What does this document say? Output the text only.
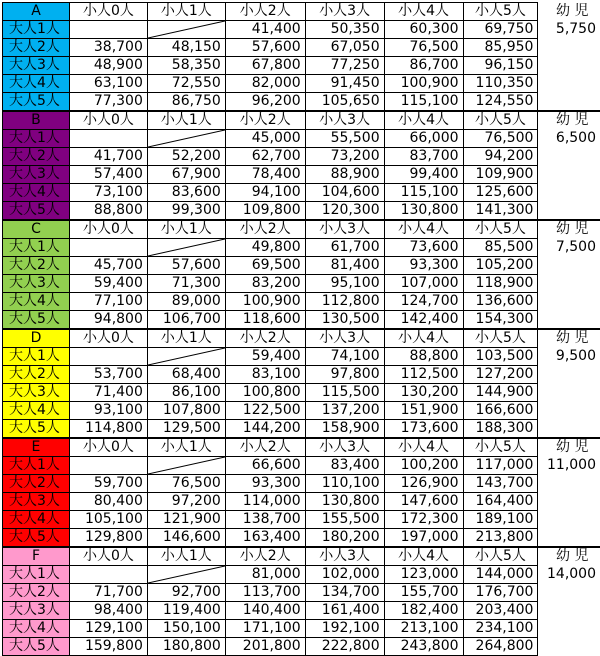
A	小人0人	小人1人	小人2人	小人3人	小人4人	小人5人	幼 児
大人1人			41,400	50,350	60,300	69,750	5,750
大人2人	38,700	48,150	57,600	67,050	76,500	85,950	
大人3人	48,900	58,350	67,800	77,250	86,700	96,150	
大人4人	63,100	72,550	82,000	91,450	100,900	110,350	
大人5人	77,300	86,750	96,200	105,650	115,100	124,550	
B	小人0人	小人1人	小人2人	小人3人	小人4人	小人5人	幼 児
大人1人			45,000	55,500	66,000	76,500	6,500
大人2人	41,700	52,200	62,700	73,200	83,700	94,200	
大人3人	57,400	67,900	78,400	88,900	99,400	109,900	
大人4人	73,100	83,600	94,100	104,600	115,100	125,600	
大人5人	88,800	99,300	109,800	120,300	130,800	141,300	
C	小人0人	小人1人	小人2人	小人3人	小人4人	小人5人	幼 児
大人1人			49,800	61,700	73,600	85,500	7,500
大人2人	45,700	57,600	69,500	81,400	93,300	105,200	
大人3人	59,400	71,300	83,200	95,100	107,000	118,900	
大人4人	77,100	89,000	100,900	112,800	124,700	136,600	
大人5人	94,800	106,700	118,600	130,500	142,400	154,300	
D	小人0人	小人1人	小人2人	小人3人	小人4人	小人5人	幼 児
大人1人			59,400	74,100	88,800	103,500	9,500
大人2人	53,700	68,400	83,100	97,800	112,500	127,200	
大人3人	71,400	86,100	100,800	115,500	130,200	144,900	
大人4人	93,100	107,800	122,500	137,200	151,900	166,600	
大人5人	114,800	129,500	144,200	158,900	173,600	188,300	
E	小人0人	小人1人	小人2人	小人3人	小人4人	小人5人	幼 児
大人1人			66,600	83,400	100,200	117,000	11,000
大人2人	59,700	76,500	93,300	110,100	126,900	143,700	
大人3人	80,400	97,200	114,000	130,800	147,600	164,400	
大人4人	105,100	121,900	138,700	155,500	172,300	189,100	
大人5人	129,800	146,600	163,400	180,200	197,000	213,800	
F	小人0人	小人1人	小人2人	小人3人	小人4人	小人5人	幼 児
大人1人			81,000	102,000	123,000	144,000	14,000
大人2人	71,700	92,700	113,700	134,700	155,700	176,700	
大人3人	98,400	119,400	140,400	161,400	182,400	203,400	
大人4人	129,100	150,100	171,100	192,100	213,100	234,100	
大人5人	159,800	180,800	201,800	222,800	243,800	264,800	
